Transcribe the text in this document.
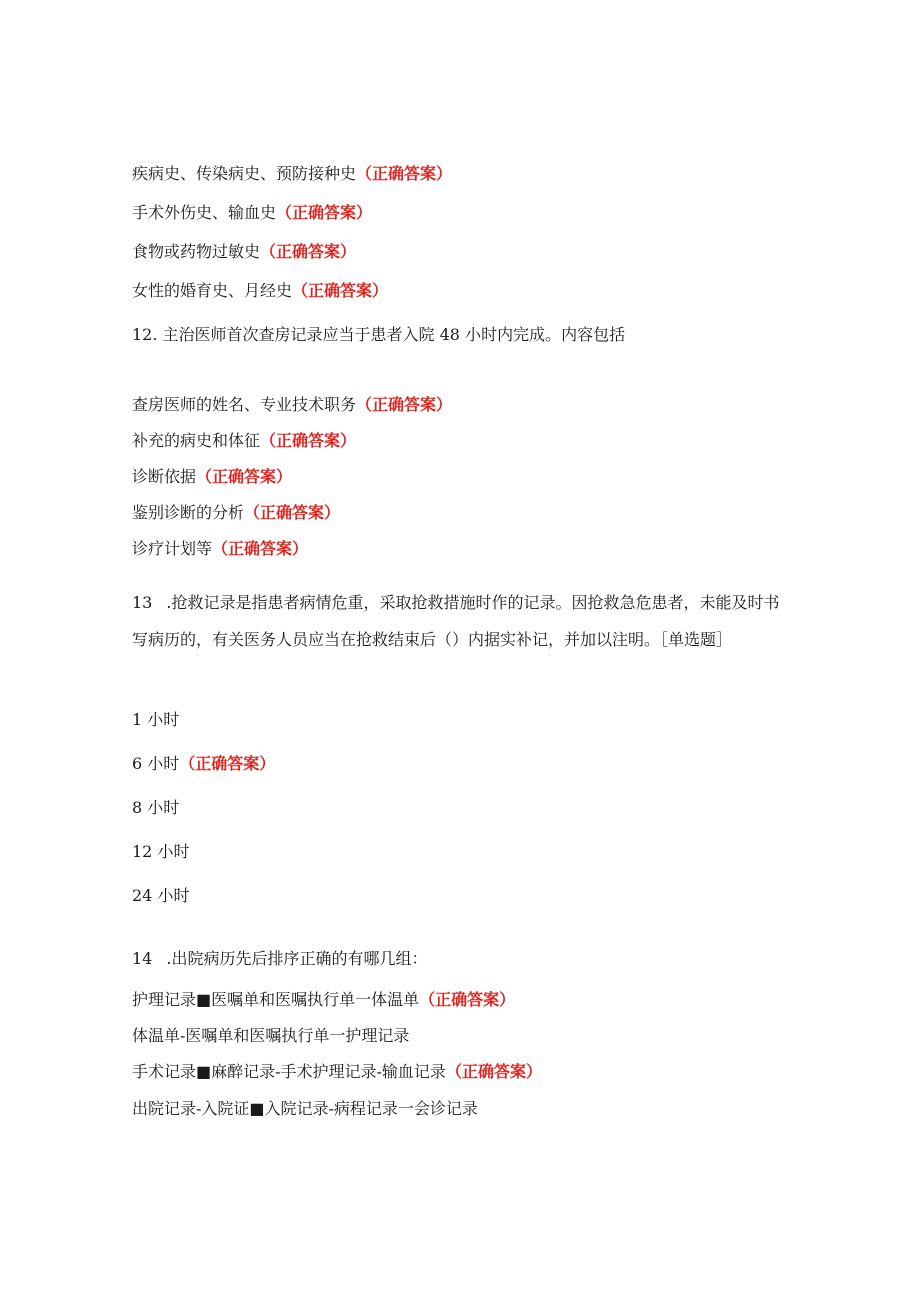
疾病史、传染病史、预防接种史（正确答案）
手术外伤史、输血史（正确答案）
食物或药物过敏史（正确答案）
女性的婚育史、月经史（正确答案）
12. 主治医师首次查房记录应当于患者入院 48 小时内完成。内容包括
查房医师的姓名、专业技术职务（正确答案）
补充的病史和体征（正确答案）
诊断依据（正确答案）
鉴别诊断的分析（正确答案）
诊疗计划等（正确答案）
13 .抢救记录是指患者病情危重，采取抢救措施时作的记录。因抢救急危患者，未能及时书写病历的，有关医务人员应当在抢救结束后（）内据实补记，并加以注明。［单选题］
1 小时
6 小时（正确答案）
8 小时
12 小时
24 小时
14 .出院病历先后排序正确的有哪几组：
护理记录■医嘱单和医嘱执行单一体温单（正确答案）
体温单-医嘱单和医嘱执行单一护理记录
手术记录■麻醉记录-手术护理记录-输血记录（正确答案）
出院记录-入院证■入院记录-病程记录一会诊记录
